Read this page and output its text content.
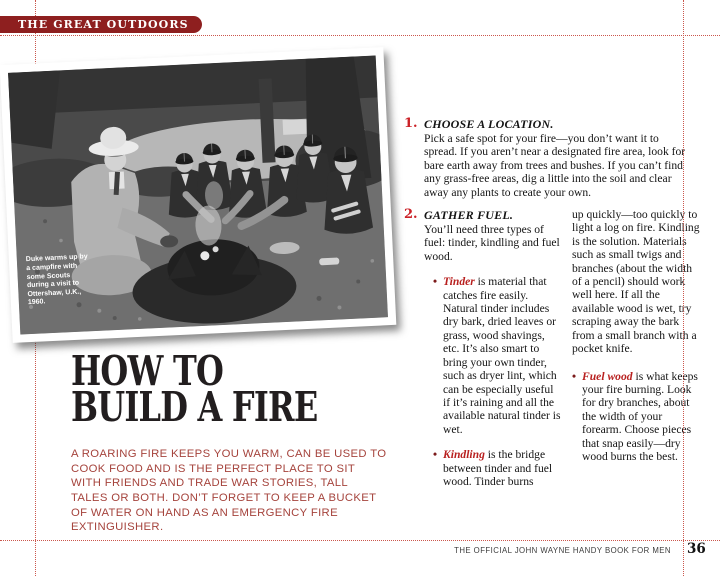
THE GREAT OUTDOORS
Duke warms up by a campfire with some Scouts during a visit to Ottershaw, U.K., 1960.
HOW TO
BUILD A FIRE

A ROARING FIRE KEEPS YOU WARM, CAN BE USED TO COOK FOOD AND IS THE PERFECT PLACE TO SIT WITH FRIENDS AND TRADE WAR STORIES, TALL TALES OR BOTH. DON’T FORGET TO KEEP A BUCKET OF WATER ON HAND AS AN EMERGENCY FIRE EXTINGUISHER.

1. CHOOSE A LOCATION.

Pick a safe spot for your fire—you don’t want it to spread. If you aren’t near a designated fire area, look for bare earth away from trees and bushes. If you can’t find any grass-free areas, dig a little into the soil and clear away any plants to create your own.

2. GATHER FUEL.

You’ll need three types of fuel: tinder, kindling and fuel wood.

• Tinder is material that catches fire easily. Natural tinder includes dry bark, dried leaves or grass, wood shavings, etc. It’s also smart to bring your own tinder, such as dryer lint, which can be especially useful if it’s raining and all the available natural tinder is wet.
• Kindling is the bridge between tinder and fuel wood. Tinder burns

up quickly—too quickly to light a log on fire. Kindling is the solution. Materials such as small twigs and branches (about the width of a pencil) should work well here. If all the available wood is wet, try scraping away the bark from a small branch with a pocket knife.

• Fuel wood is what keeps your fire burning. Look for dry branches, about the width of your forearm. Choose pieces that snap easily—dry wood burns the best.
THE OFFICIAL JOHN WAYNE HANDY BOOK FOR MEN 36
